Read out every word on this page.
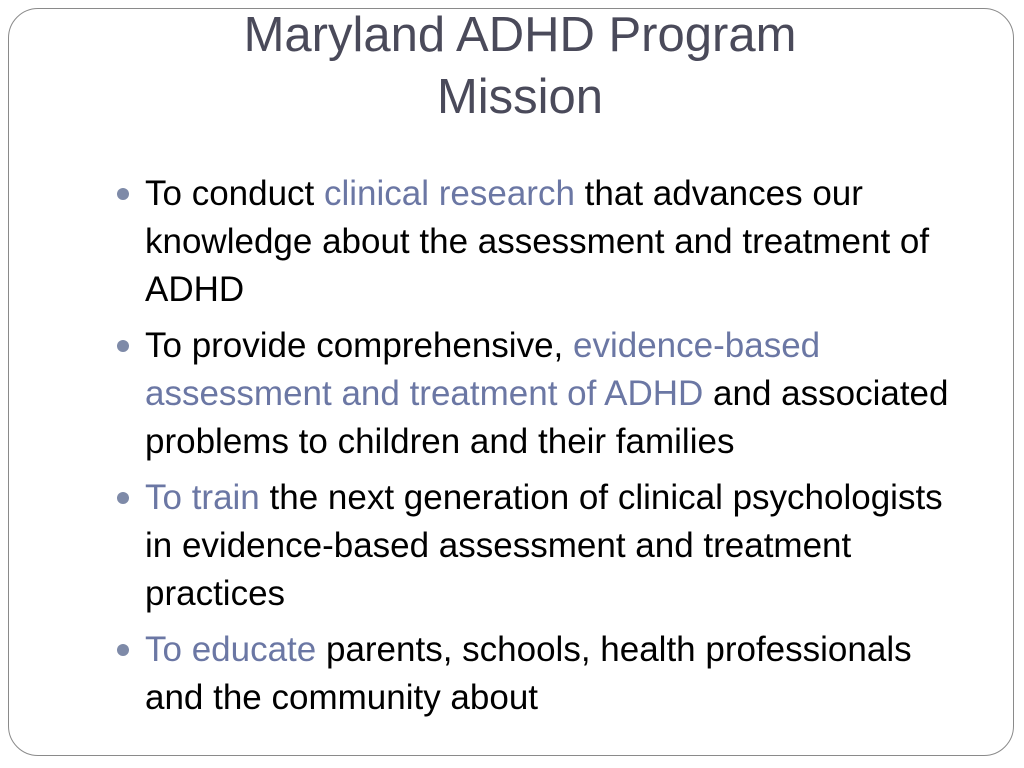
Maryland ADHD Program
Mission
To conduct clinical research that advances our knowledge about the assessment and treatment of ADHD
To provide comprehensive, evidence-based assessment and treatment of ADHD and associated problems to children and their families
To train the next generation of clinical psychologists in evidence-based assessment and treatment practices
To educate parents, schools, health professionals and the community about
